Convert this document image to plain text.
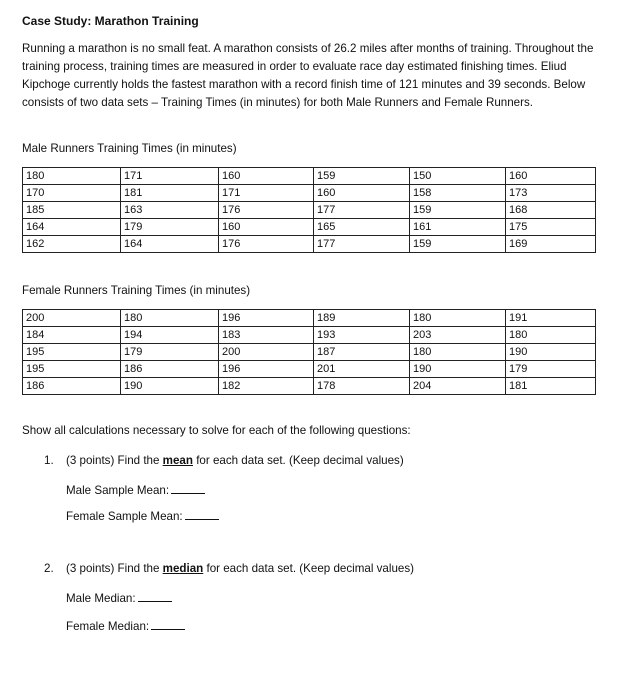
Case Study: Marathon Training
Running a marathon is no small feat. A marathon consists of 26.2 miles after months of training. Throughout the training process, training times are measured in order to evaluate race day estimated finishing times. Eliud Kipchoge currently holds the fastest marathon with a record finish time of 121 minutes and 39 seconds. Below consists of two data sets – Training Times (in minutes) for both Male Runners and Female Runners.
Male Runners Training Times (in minutes)
180	171	160	159	150	160
170	181	171	160	158	173
185	163	176	177	159	168
164	179	160	165	161	175
162	164	176	177	159	169
Female Runners Training Times (in minutes)
200	180	196	189	180	191
184	194	183	193	203	180
195	179	200	187	180	190
195	186	196	201	190	179
186	190	182	178	204	181
Show all calculations necessary to solve for each of the following questions:
1. (3 points) Find the mean for each data set. (Keep decimal values)
Male Sample Mean:
Female Sample Mean:
2. (3 points) Find the median for each data set. (Keep decimal values)
Male Median:
Female Median:
